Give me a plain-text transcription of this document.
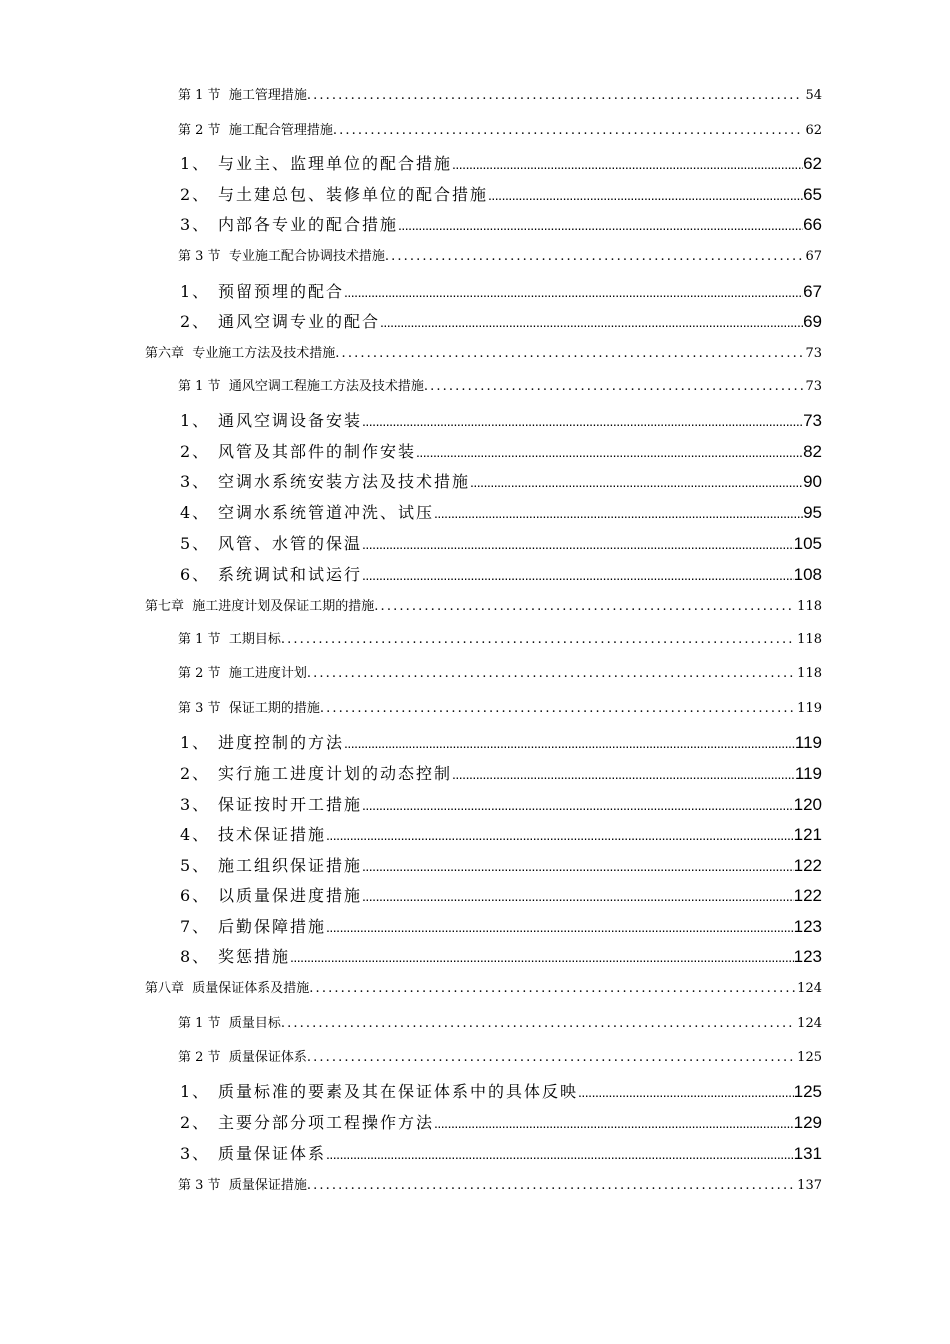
第 1 节 施工管理措施 . . .	54
第 2 节 施工配合管理措施 . . .	62
1、 与业主、监理单位的配合措施 .....	62
2、 与土建总包、装修单位的配合措施 .....	65
3、 内部各专业的配合措施 .....	66
第 3 节 专业施工配合协调技术措施 . . .	67
1、 预留预埋的配合 .....	67
2、 通风空调专业的配合 .....	69
第六章 专业施工方法及技术措施 . . .	73
第 1 节 通风空调工程施工方法及技术措施 . . .	73
1、 通风空调设备安装 .....	73
2、 风管及其部件的制作安装 .....	82
3、 空调水系统安装方法及技术措施 .....	90
4、 空调水系统管道冲洗、试压 .....	95
5、 风管、水管的保温 .....	105
6、 系统调试和试运行 .....	108
第七章 施工进度计划及保证工期的措施 . . .	118
第 1 节 工期目标 . . .	118
第 2 节 施工进度计划 . . .	118
第 3 节 保证工期的措施 . . .	119
1、 进度控制的方法 .....	119
2、 实行施工进度计划的动态控制 .....	119
3、 保证按时开工措施 .....	120
4、 技术保证措施 .....	121
5、 施工组织保证措施 .....	122
6、 以质量保进度措施 .....	122
7、 后勤保障措施 .....	123
8、 奖惩措施 .....	123
第八章 质量保证体系及措施 . . .	124
第 1 节 质量目标 . . .	124
第 2 节 质量保证体系 . . .	125
1、 质量标准的要素及其在保证体系中的具体反映 .....	125
2、 主要分部分项工程操作方法 .....	129
3、 质量保证体系 .....	131
第 3 节 质量保证措施 . . .	137
